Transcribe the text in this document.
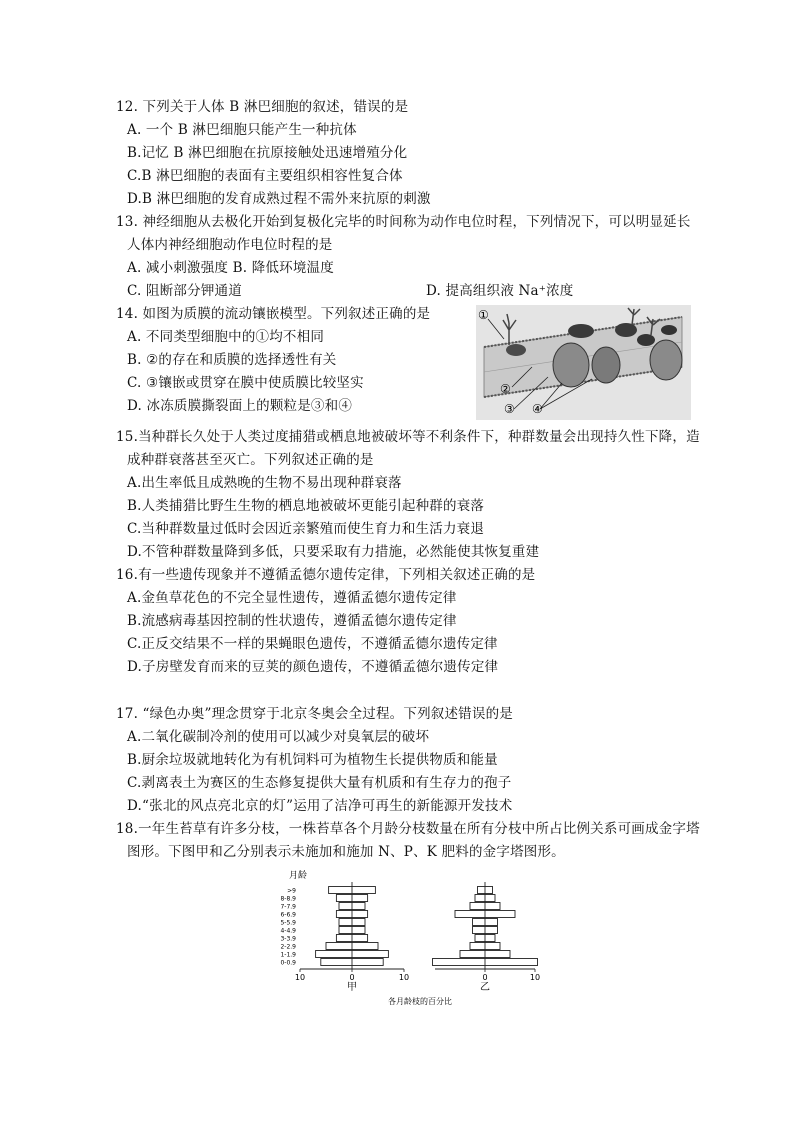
12. 下列关于人体 B 淋巴细胞的叙述，错误的是
A. 一个 B 淋巴细胞只能产生一种抗体
B.记忆 B 淋巴细胞在抗原接触处迅速增殖分化
C.B 淋巴细胞的表面有主要组织相容性复合体
D.B 淋巴细胞的发育成熟过程不需外来抗原的刺激
13. 神经细胞从去极化开始到复极化完毕的时间称为动作电位时程，下列情况下，可以明显延长
人体内神经细胞动作电位时程的是
A. 减小刺激强度 B. 降低环境温度
C. 阻断部分钾通道	D. 提高组织液 Na⁺浓度
14. 如图为质膜的流动镶嵌模型。下列叙述正确的是
A. 不同类型细胞中的①均不相同
B. ②的存在和质膜的选择透性有关
C. ③镶嵌或贯穿在膜中使质膜比较坚实
D. 冰冻质膜撕裂面上的颗粒是③和④
①
②
③ ④
15.当种群长久处于人类过度捕猎或栖息地被破坏等不利条件下，种群数量会出现持久性下降，造
成种群衰落甚至灭亡。下列叙述正确的是
A.出生率低且成熟晚的生物不易出现种群衰落
B.人类捕猎比野生生物的栖息地被破坏更能引起种群的衰落
C.当种群数量过低时会因近亲繁殖而使生育力和生活力衰退
D.不管种群数量降到多低，只要采取有力措施，必然能使其恢复重建
16.有一些遗传现象并不遵循孟德尔遗传定律，下列相关叙述正确的是
A.金鱼草花色的不完全显性遗传，遵循孟德尔遗传定律
B.流感病毒基因控制的性状遗传，遵循孟德尔遗传定律
C.正反交结果不一样的果蝇眼色遗传，不遵循孟德尔遗传定律
D.子房壁发育而来的豆荚的颜色遗传，不遵循孟德尔遗传定律
17. “绿色办奥”理念贯穿于北京冬奥会全过程。下列叙述错误的是
A.二氧化碳制冷剂的使用可以减少对臭氧层的破坏
B.厨余垃圾就地转化为有机饲料可为植物生长提供物质和能量
C.剥离表土为赛区的生态修复提供大量有机质和有生存力的孢子
D.“张北的风点亮北京的灯”运用了洁净可再生的新能源开发技术
18.一年生苔草有许多分枝，一株苔草各个月龄分枝数量在所有分枝中所占比例关系可画成金字塔
图形。下图甲和乙分别表示未施加和施加 N、P、K 肥料的金字塔图形。
月龄
0-0.9
1-1.9
2-2.9
3-3.9
4-4.9
5-5.9
6-6.9
7-7.9
8-8.9
>9
10	0	10
甲
0	10
乙
各月龄枝的百分比
